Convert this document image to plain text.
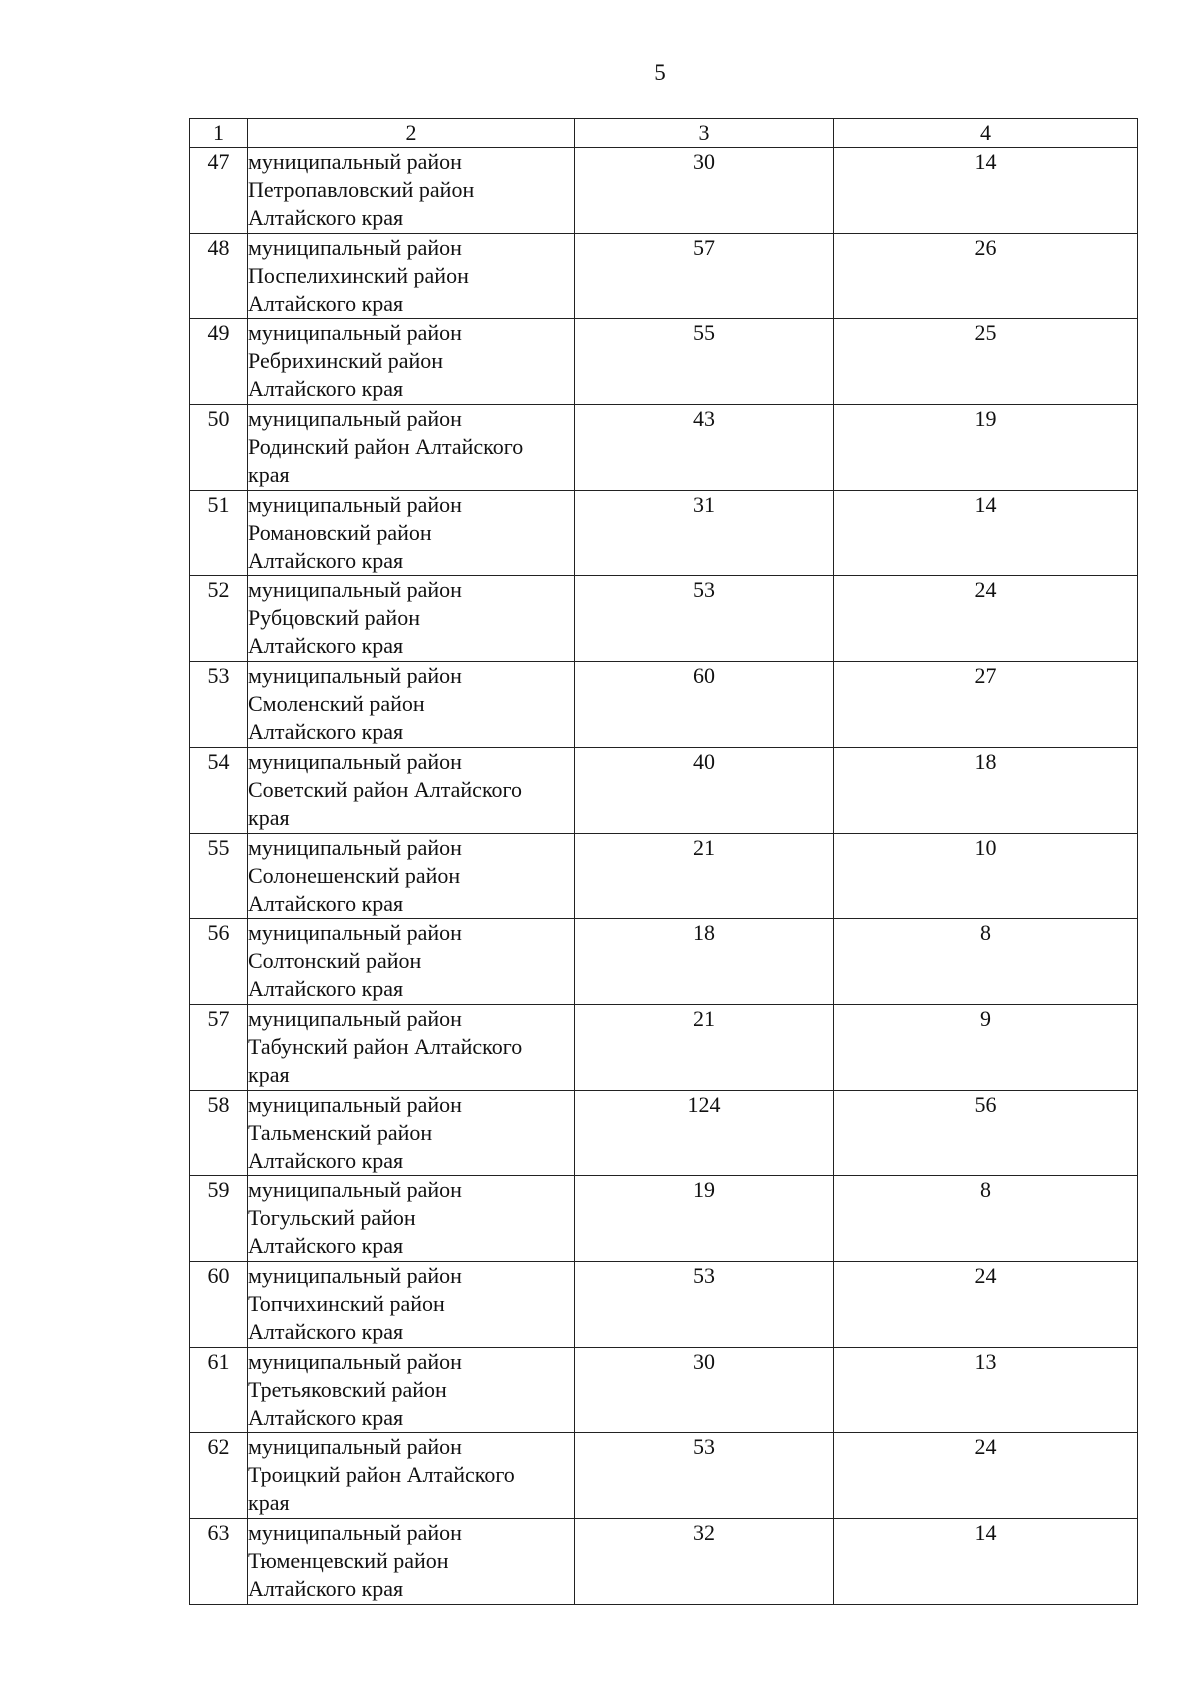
5
1	2	3	4
47	муниципальный район
Петропавловский район
Алтайского края	30	14
48	муниципальный район
Поспелихинский район
Алтайского края	57	26
49	муниципальный район
Ребрихинский район
Алтайского края	55	25
50	муниципальный район
Родинский район Алтайского
края	43	19
51	муниципальный район
Романовский район
Алтайского края	31	14
52	муниципальный район
Рубцовский район
Алтайского края	53	24
53	муниципальный район
Смоленский район
Алтайского края	60	27
54	муниципальный район
Советский район Алтайского
края	40	18
55	муниципальный район
Солонешенский район
Алтайского края	21	10
56	муниципальный район
Солтонский район
Алтайского края	18	8
57	муниципальный район
Табунский район Алтайского
края	21	9
58	муниципальный район
Тальменский район
Алтайского края	124	56
59	муниципальный район
Тогульский район
Алтайского края	19	8
60	муниципальный район
Топчихинский район
Алтайского края	53	24
61	муниципальный район
Третьяковский район
Алтайского края	30	13
62	муниципальный район
Троицкий район Алтайского
края	53	24
63	муниципальный район
Тюменцевский район
Алтайского края	32	14
